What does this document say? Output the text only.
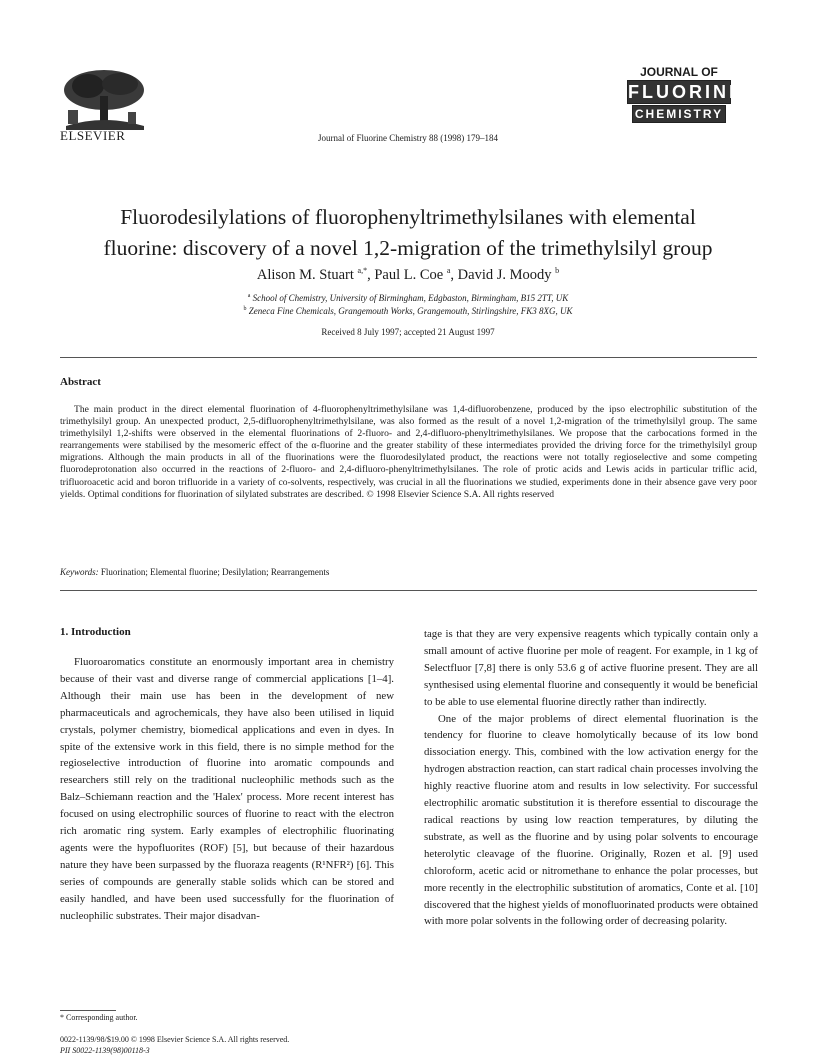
ELSEVIER	Journal of Fluorine Chemistry 88 (1998) 179–184
JOURNAL OF
FLUORINE
CHEMISTRY
Fluorodesilylations of fluorophenyltrimethylsilanes with elemental
fluorine: discovery of a novel 1,2-migration of the trimethylsilyl group
Alison M. Stuart $^{a,*}$, Paul L. Coe $^a$, David J. Moody $^b$
$^a$ School of Chemistry, University of Birmingham, Edgbaston, Birmingham, B15 2TT, UK
$^b$ Zeneca Fine Chemicals, Grangemouth Works, Grangemouth, Stirlingshire, FK3 8XG, UK
Received 8 July 1997; accepted 21 August 1997
Abstract

The main product in the direct elemental fluorination of 4-fluorophenyltrimethylsilane was 1,4-difluorobenzene, produced by the ipso electrophilic substitution of the trimethylsilyl group. An unexpected product, 2,5-difluorophenyltrimethylsilane, was also formed as the result of a novel 1,2-migration of the trimethylsilyl group. The same trimethylsilyl 1,2-shifts were observed in the elemental fluorinations of 2-fluoro- and 2,4-difluoro-phenyltrimethylsilanes. We propose that the carbocations formed in the rearrangements were stabilised by the mesomeric effect of the α-fluorine and the greater stability of these intermediates provided the driving force for the trimethylsilyl group migrations. Although the main products in all of the fluorinations were the fluorodesilylated product, the reactions were not totally regioselective and some competing fluorodeprotonation also occurred in the reactions of 2-fluoro- and 2,4-difluoro-phenyltrimethylsilanes. The role of protic acids and Lewis acids in particular triflic acid, trifluoroacetic acid and boron trifluoride in a variety of co-solvents, respectively, was crucial in all the fluorinations we studied, experiments done in their absence gave very poor yields. Optimal conditions for fluorination of silylated substrates are described. © 1998 Elsevier Science S.A. All rights reserved

Keywords: Fluorination; Elemental fluorine; Desilylation; Rearrangements
1. Introduction

Fluoroaromatics constitute an enormously important area in chemistry because of their vast and diverse range of commercial applications [1–4]. Although their main use has been in the development of new pharmaceuticals and agrochemicals, they have also been utilised in liquid crystals, polymer chemistry, biomedical applications and even in dyes. In spite of the extensive work in this field, there is no simple method for the regioselective introduction of fluorine into aromatic compounds and researchers still rely on the traditional nucleophilic methods such as the Balz–Schiemann reaction and the 'Halex' process. More recent interest has focused on using electrophilic sources of fluorine to react with the electron rich aromatic ring system. Early examples of electrophilic fluorinating agents were the hypofluorites (ROF) [5], but because of their hazardous nature they have been surpassed by the fluoraza reagents (R¹NFR²) [6]. This series of compounds are generally stable solids which can be stored and easily handled, and have been used successfully for the fluorination of nucleophilic substrates. Their major disadvan-

tage is that they are very expensive reagents which typically contain only a small amount of active fluorine per mole of reagent. For example, in 1 kg of Selectfluor [7,8] there is only 53.6 g of active fluorine present. They are all synthesised using elemental fluorine and consequently it would be beneficial to be able to use elemental fluorine directly rather than indirectly.

One of the major problems of direct elemental fluorination is the tendency for fluorine to cleave homolytically because of its low bond dissociation energy. This, combined with the low activation energy for the hydrogen abstraction reaction, can start radical chain processes involving the highly reactive fluorine atom and results in low selectivity. For successful electrophilic aromatic substitution it is therefore essential to discourage the radical reactions by using low reaction temperatures, by diluting the substrate, as well as the fluorine and by using polar solvents to encourage heterolytic cleavage of the fluorine. Originally, Rozen et al. [9] used chloroform, acetic acid or nitromethane to enhance the polar processes, but more recently in the electrophilic substitution of aromatics, Conte et al. [10] discovered that the highest yields of monofluorinated products were obtained with more polar solvents in the following order of decreasing polarity.

* Corresponding author.
0022-1139/98/$19.00 © 1998 Elsevier Science S.A. All rights reserved.
PII S0022-1139(98)00118-3
